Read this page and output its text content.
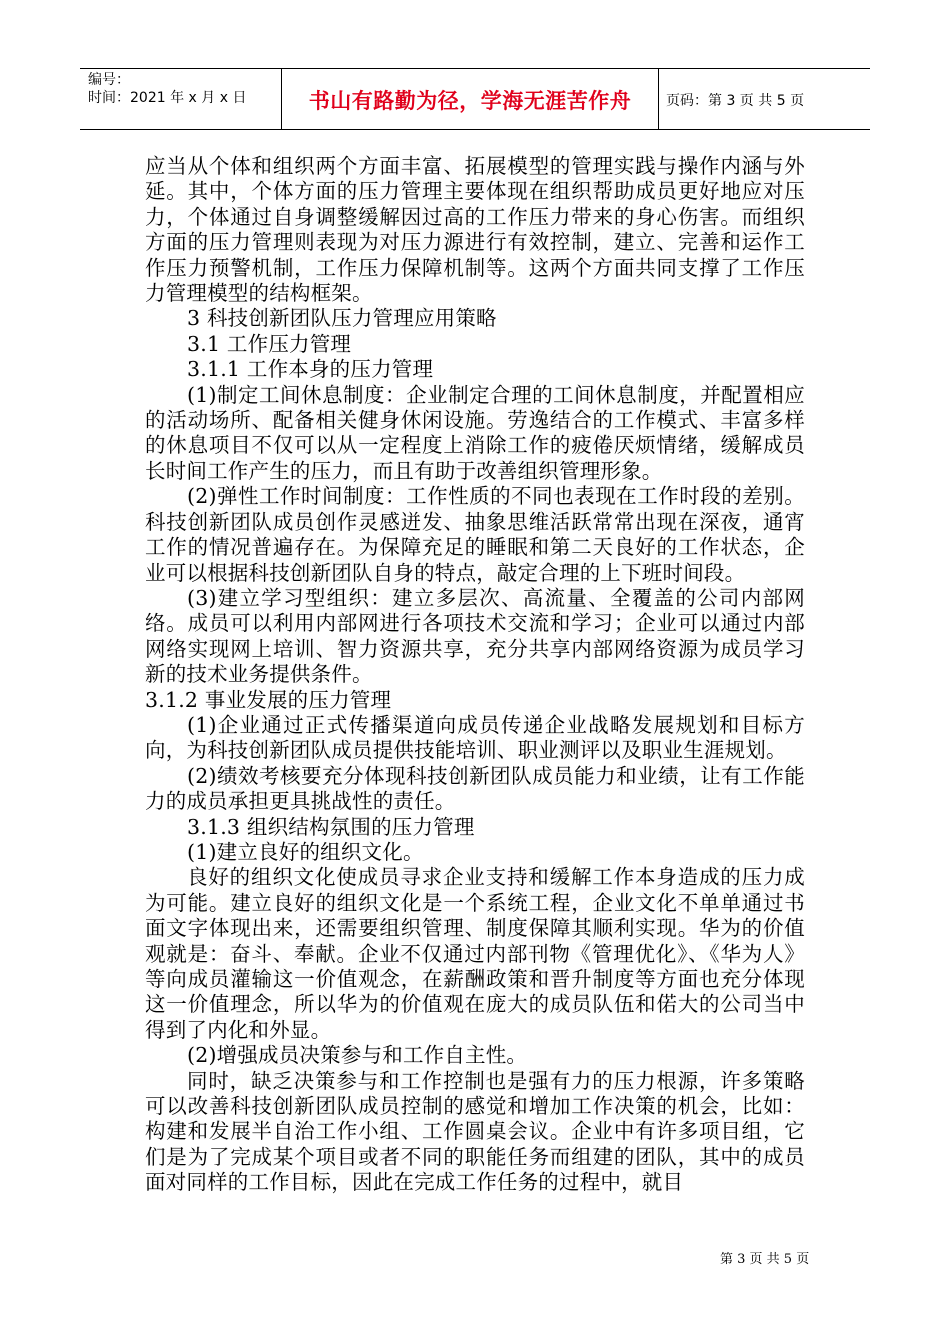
编号：
时间：2021 年 x 月 x 日	书山有路勤为径，学海无涯苦作舟	页码：第 3 页 共 5 页

应当从个体和组织两个方面丰富、拓展模型的管理实践与操作内涵与外延。其中，个体方面的压力管理主要体现在组织帮助成员更好地应对压力，个体通过自身调整缓解因过高的工作压力带来的身心伤害。而组织方面的压力管理则表现为对压力源进行有效控制，建立、完善和运作工作压力预警机制，工作压力保障机制等。这两个方面共同支撑了工作压力管理模型的结构框架。

3 科技创新团队压力管理应用策略

3.1 工作压力管理

3.1.1 工作本身的压力管理

(1)制定工间休息制度：企业制定合理的工间休息制度，并配置相应的活动场所、配备相关健身休闲设施。劳逸结合的工作模式、丰富多样的休息项目不仅可以从一定程度上消除工作的疲倦厌烦情绪，缓解成员长时间工作产生的压力，而且有助于改善组织管理形象。

(2)弹性工作时间制度：工作性质的不同也表现在工作时段的差别。科技创新团队成员创作灵感迸发、抽象思维活跃常常出现在深夜，通宵工作的情况普遍存在。为保障充足的睡眠和第二天良好的工作状态，企业可以根据科技创新团队自身的特点，敲定合理的上下班时间段。

(3)建立学习型组织：建立多层次、高流量、全覆盖的公司内部网络。成员可以利用内部网进行各项技术交流和学习；企业可以通过内部网络实现网上培训、智力资源共享，充分共享内部网络资源为成员学习新的技术业务提供条件。

3.1.2 事业发展的压力管理

(1)企业通过正式传播渠道向成员传递企业战略发展规划和目标方向，为科技创新团队成员提供技能培训、职业测评以及职业生涯规划。

(2)绩效考核要充分体现科技创新团队成员能力和业绩，让有工作能力的成员承担更具挑战性的责任。

3.1.3 组织结构氛围的压力管理

(1)建立良好的组织文化。

良好的组织文化使成员寻求企业支持和缓解工作本身造成的压力成为可能。建立良好的组织文化是一个系统工程，企业文化不单单通过书面文字体现出来，还需要组织管理、制度保障其顺利实现。华为的价值观就是：奋斗、奉献。企业不仅通过内部刊物《管理优化》、《华为人》等向成员灌输这一价值观念，在薪酬政策和晋升制度等方面也充分体现这一价值理念，所以华为的价值观在庞大的成员队伍和偌大的公司当中得到了内化和外显。

(2)增强成员决策参与和工作自主性。

同时，缺乏决策参与和工作控制也是强有力的压力根源，许多策略可以改善科技创新团队成员控制的感觉和增加工作决策的机会，比如：构建和发展半自治工作小组、工作圆桌会议。企业中有许多项目组，它们是为了完成某个项目或者不同的职能任务而组建的团队，其中的成员面对同样的工作目标，因此在完成工作任务的过程中，就目

第 3 页 共 5 页
